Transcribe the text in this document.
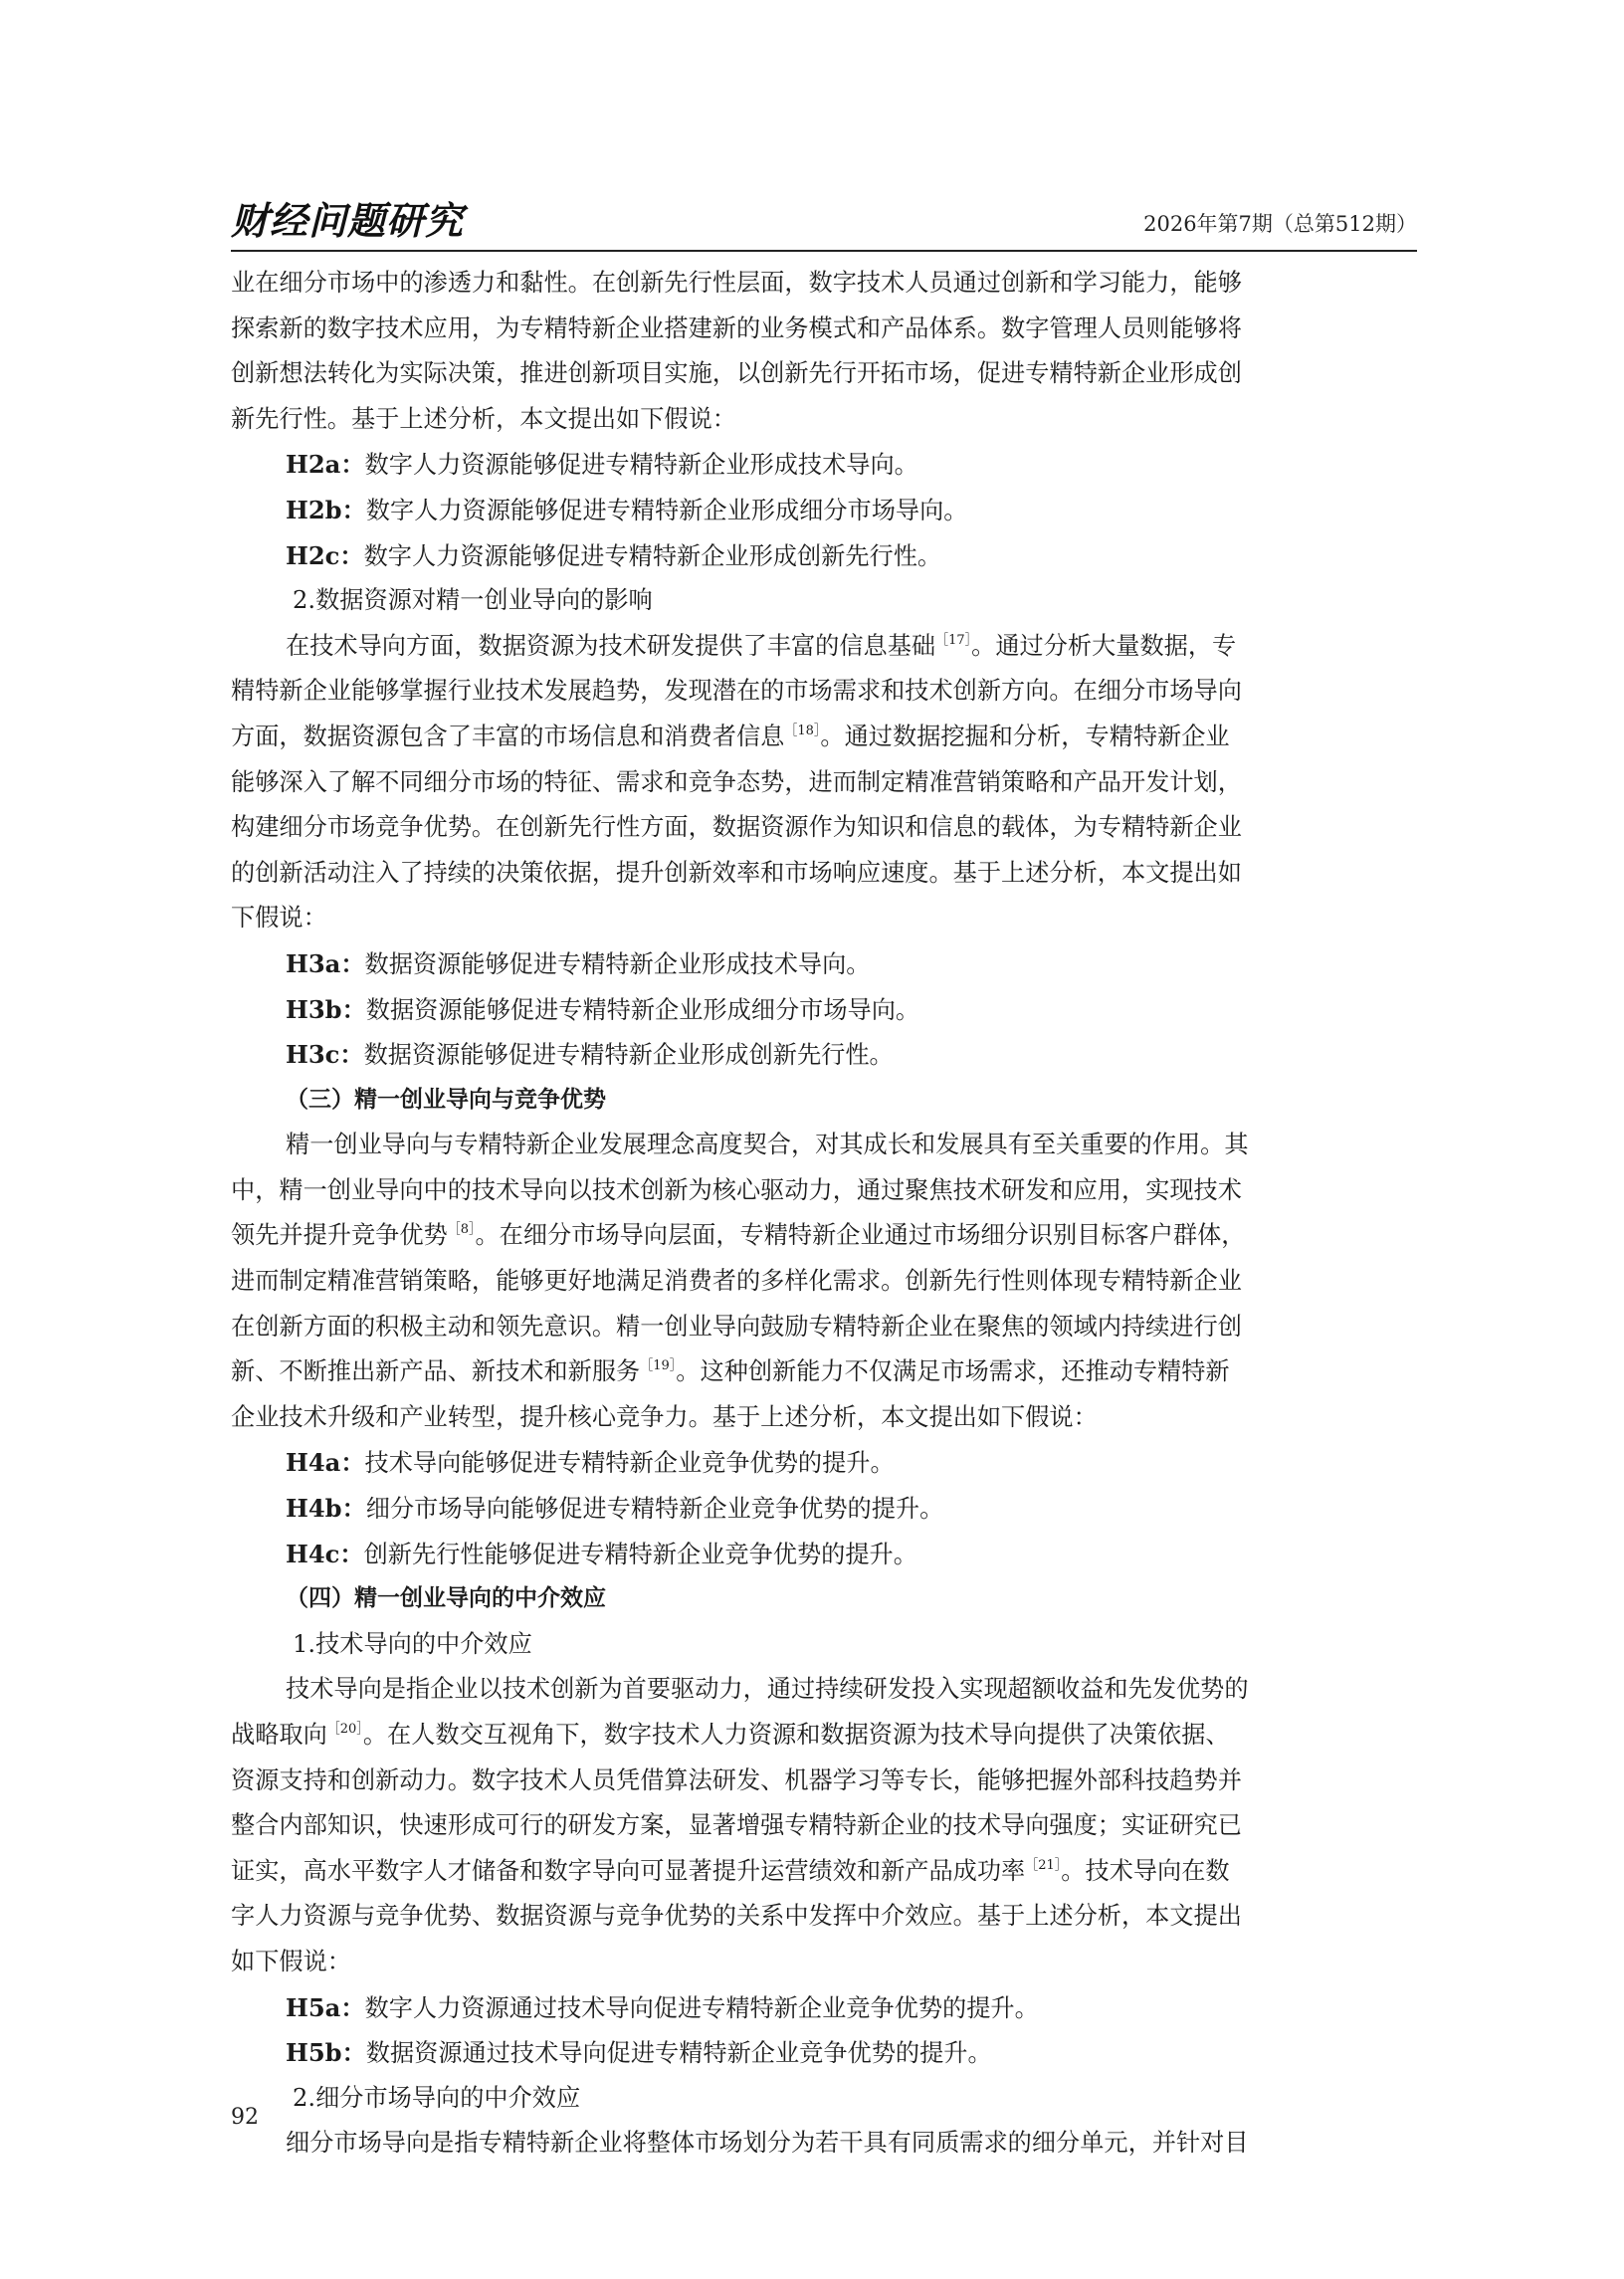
财经问题研究	2026年第7期（总第512期）
业在细分市场中的渗透力和黏性。在创新先行性层面，数字技术人员通过创新和学习能力，能够
探索新的数字技术应用，为专精特新企业搭建新的业务模式和产品体系。数字管理人员则能够将
创新想法转化为实际决策，推进创新项目实施，以创新先行开拓市场，促进专精特新企业形成创
新先行性。基于上述分析，本文提出如下假说：
H2a：数字人力资源能够促进专精特新企业形成技术导向。
H2b：数字人力资源能够促进专精特新企业形成细分市场导向。
H2c：数字人力资源能够促进专精特新企业形成创新先行性。
2.数据资源对精一创业导向的影响
在技术导向方面，数据资源为技术研发提供了丰富的信息基础$^{[17]}$。通过分析大量数据，专
精特新企业能够掌握行业技术发展趋势，发现潜在的市场需求和技术创新方向。在细分市场导向
方面，数据资源包含了丰富的市场信息和消费者信息$^{[18]}$。通过数据挖掘和分析，专精特新企业
能够深入了解不同细分市场的特征、需求和竞争态势，进而制定精准营销策略和产品开发计划，
构建细分市场竞争优势。在创新先行性方面，数据资源作为知识和信息的载体，为专精特新企业
的创新活动注入了持续的决策依据，提升创新效率和市场响应速度。基于上述分析，本文提出如
下假说：
H3a：数据资源能够促进专精特新企业形成技术导向。
H3b：数据资源能够促进专精特新企业形成细分市场导向。
H3c：数据资源能够促进专精特新企业形成创新先行性。
（三）精一创业导向与竞争优势
精一创业导向与专精特新企业发展理念高度契合，对其成长和发展具有至关重要的作用。其
中，精一创业导向中的技术导向以技术创新为核心驱动力，通过聚焦技术研发和应用，实现技术
领先并提升竞争优势$^{[8]}$。在细分市场导向层面，专精特新企业通过市场细分识别目标客户群体，
进而制定精准营销策略，能够更好地满足消费者的多样化需求。创新先行性则体现专精特新企业
在创新方面的积极主动和领先意识。精一创业导向鼓励专精特新企业在聚焦的领域内持续进行创
新、不断推出新产品、新技术和新服务$^{[19]}$。这种创新能力不仅满足市场需求，还推动专精特新
企业技术升级和产业转型，提升核心竞争力。基于上述分析，本文提出如下假说：
H4a：技术导向能够促进专精特新企业竞争优势的提升。
H4b：细分市场导向能够促进专精特新企业竞争优势的提升。
H4c：创新先行性能够促进专精特新企业竞争优势的提升。
（四）精一创业导向的中介效应
1.技术导向的中介效应
技术导向是指企业以技术创新为首要驱动力，通过持续研发投入实现超额收益和先发优势的
战略取向$^{[20]}$。在人数交互视角下，数字技术人力资源和数据资源为技术导向提供了决策依据、
资源支持和创新动力。数字技术人员凭借算法研发、机器学习等专长，能够把握外部科技趋势并
整合内部知识，快速形成可行的研发方案，显著增强专精特新企业的技术导向强度；实证研究已
证实，高水平数字人才储备和数字导向可显著提升运营绩效和新产品成功率$^{[21]}$。技术导向在数
字人力资源与竞争优势、数据资源与竞争优势的关系中发挥中介效应。基于上述分析，本文提出
如下假说：
H5a：数字人力资源通过技术导向促进专精特新企业竞争优势的提升。
H5b：数据资源通过技术导向促进专精特新企业竞争优势的提升。
2.细分市场导向的中介效应
细分市场导向是指专精特新企业将整体市场划分为若干具有同质需求的细分单元，并针对目
92
